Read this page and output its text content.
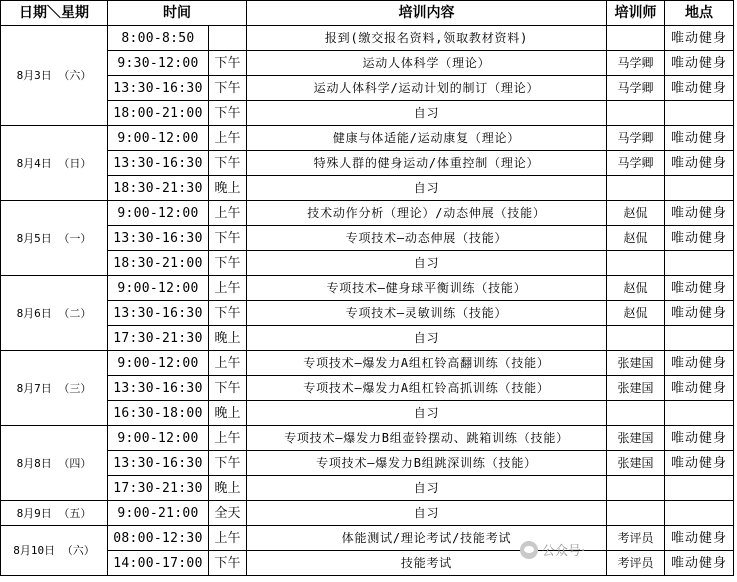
日期＼星期	时间		培训内容	培训师	地点
8月3日 （六）	8:00-8:50		报到(缴交报名资料,领取教材资料)		唯动健身
	9:30-12:00	下午	运动人体科学（理论）	马学卿	唯动健身
	13:30-16:30	下午	运动人体科学/运动计划的制订（理论）	马学卿	唯动健身
	18:00-21:00	下午	自习		
8月4日 （日）	9:00-12:00	上午	健康与体适能/运动康复（理论）	马学卿	唯动健身
	13:30-16:30	下午	特殊人群的健身运动/体重控制（理论）	马学卿	唯动健身
	18:30-21:30	晚上	自习		
8月5日 （一）	9:00-12:00	上午	技术动作分析（理论）/动态伸展（技能）	赵侃	唯动健身
	13:30-16:30	下午	专项技术—动态伸展（技能）	赵侃	唯动健身
	18:30-21:00	下午	自习		
8月6日 （二）	9:00-12:00	上午	专项技术—健身球平衡训练（技能）	赵侃	唯动健身
	13:30-16:30	下午	专项技术—灵敏训练（技能）	赵侃	唯动健身
	17:30-21:30	晚上	自习		
8月7日 （三）	9:00-12:00	上午	专项技术—爆发力A组杠铃高翻训练（技能）	张建国	唯动健身
	13:30-16:30	下午	专项技术—爆发力A组杠铃高抓训练（技能）	张建国	唯动健身
	16:30-18:00	晚上	自习		
8月8日 （四）	9:00-12:00	上午	专项技术—爆发力B组壶铃摆动、跳箱训练（技能）	张建国	唯动健身
	13:30-16:30	下午	专项技术—爆发力B组跳深训练（技能）	张建国	唯动健身
	17:30-21:30	晚上	自习		
8月9日 （五）	9:00-21:00	全天	自习		
8月10日 （六）	08:00-12:30	上午	体能测试/理论考试/技能考试	考评员	唯动健身
	14:00-17:00	下午	技能考试	考评员	唯动健身
公众号·
